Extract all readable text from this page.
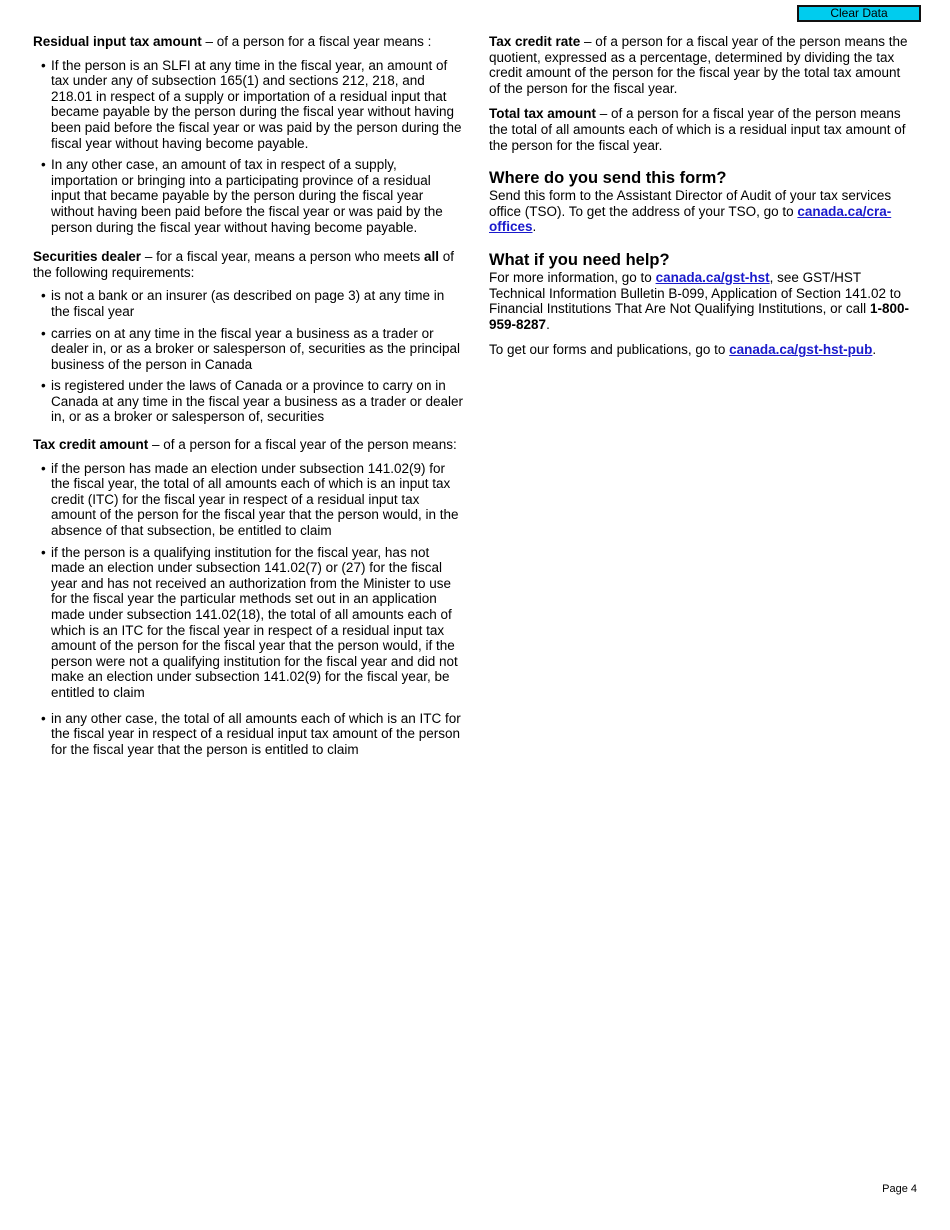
Clear Data

Residual input tax amount – of a person for a fiscal year means :

• If the person is an SLFI at any time in the fiscal year, an amount of tax under any of subsection 165(1) and sections 212, 218, and 218.01 in respect of a supply or importation of a residual input that became payable by the person during the fiscal year without having been paid before the fiscal year or was paid by the person during the fiscal year without having become payable.
• In any other case, an amount of tax in respect of a supply, importation or bringing into a participating province of a residual input that became payable by the person during the fiscal year without having been paid before the fiscal year or was paid by the person during the fiscal year without having become payable.

Securities dealer – for a fiscal year, means a person who meets all of the following requirements:

• is not a bank or an insurer (as described on page 3) at any time in the fiscal year
• carries on at any time in the fiscal year a business as a trader or dealer in, or as a broker or salesperson of, securities as the principal business of the person in Canada
• is registered under the laws of Canada or a province to carry on in Canada at any time in the fiscal year a business as a trader or dealer in, or as a broker or salesperson of, securities

Tax credit amount – of a person for a fiscal year of the person means:

• if the person has made an election under subsection 141.02(9) for the fiscal year, the total of all amounts each of which is an input tax credit (ITC) for the fiscal year in respect of a residual input tax amount of the person for the fiscal year that the person would, in the absence of that subsection, be entitled to claim
• if the person is a qualifying institution for the fiscal year, has not made an election under subsection 141.02(7) or (27) for the fiscal year and has not received an authorization from the Minister to use for the fiscal year the particular methods set out in an application made under subsection 141.02(18), the total of all amounts each of which is an ITC for the fiscal year in respect of a residual input tax amount of the person for the fiscal year that the person would, if the person were not a qualifying institution for the fiscal year and did not make an election under subsection 141.02(9) for the fiscal year, be entitled to claim
• in any other case, the total of all amounts each of which is an ITC for the fiscal year in respect of a residual input tax amount of the person for the fiscal year that the person is entitled to claim

Tax credit rate – of a person for a fiscal year of the person means the quotient, expressed as a percentage, determined by dividing the tax credit amount of the person for the fiscal year by the total tax amount of the person for the fiscal year.

Total tax amount – of a person for a fiscal year of the person means the total of all amounts each of which is a residual input tax amount of the person for the fiscal year.

Where do you send this form?

Send this form to the Assistant Director of Audit of your tax services office (TSO). To get the address of your TSO, go to canada.ca/cra-offices.

What if you need help?

For more information, go to canada.ca/gst-hst, see GST/HST Technical Information Bulletin B-099, Application of Section 141.02 to Financial Institutions That Are Not Qualifying Institutions, or call 1-800-959-8287.

To get our forms and publications, go to canada.ca/gst-hst-pub.

Page 4
